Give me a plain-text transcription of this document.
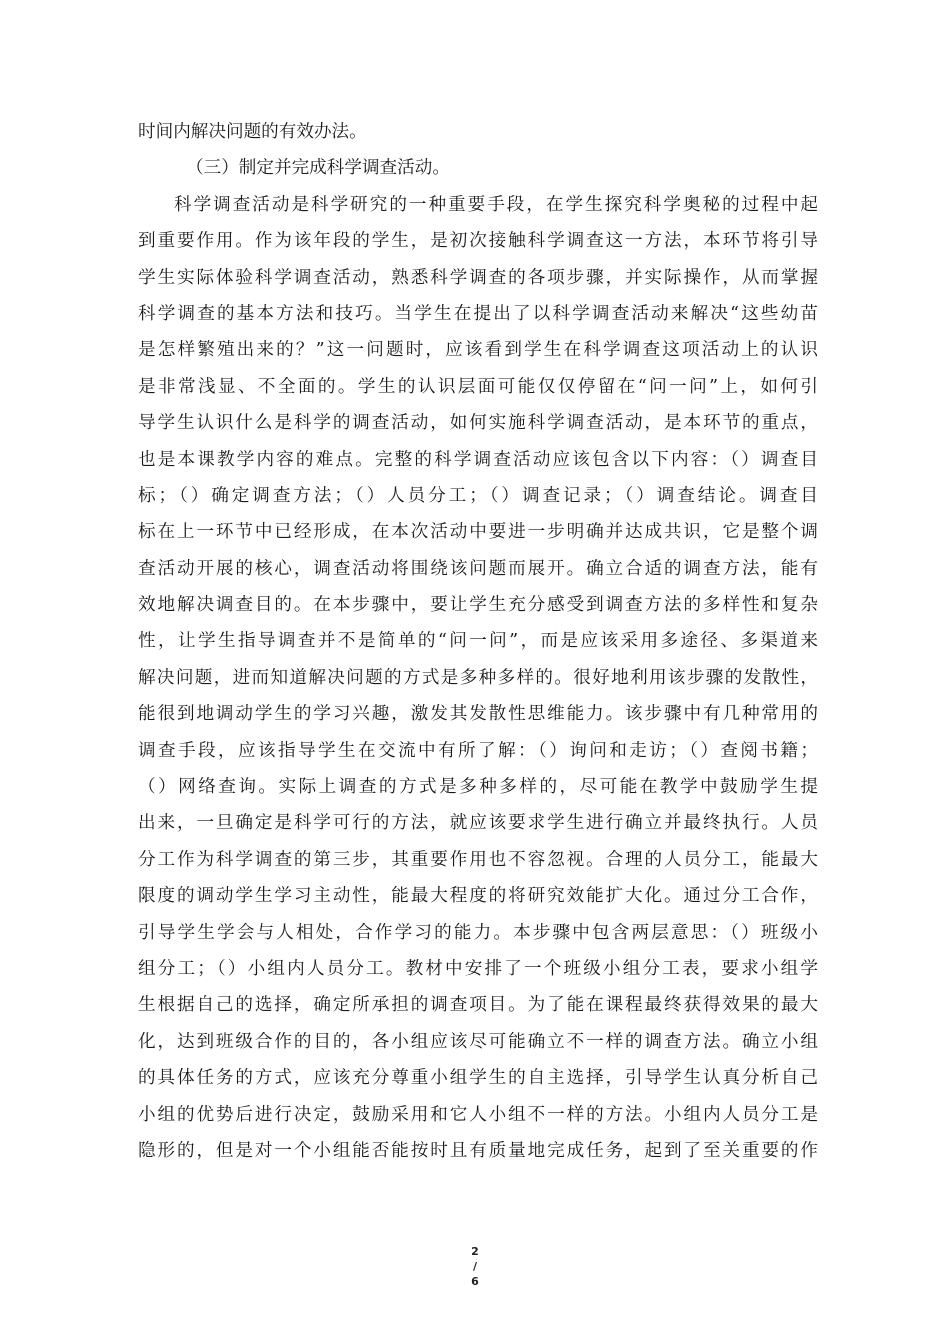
时间内解决问题的有效办法。
（三）制定并完成科学调查活动。
科学调查活动是科学研究的一种重要手段，在学生探究科学奥秘的过程中起
到重要作用。作为该年段的学生，是初次接触科学调查这一方法，本环节将引导
学生实际体验科学调查活动，熟悉科学调查的各项步骤，并实际操作，从而掌握
科学调查的基本方法和技巧。当学生在提出了以科学调查活动来解决“这些幼苗
是怎样繁殖出来的？”这一问题时，应该看到学生在科学调查这项活动上的认识
是非常浅显、不全面的。学生的认识层面可能仅仅停留在“问一问”上，如何引
导学生认识什么是科学的调查活动，如何实施科学调查活动，是本环节的重点，
也是本课教学内容的难点。完整的科学调查活动应该包含以下内容：（）调查目
标；（）确定调查方法；（）人员分工；（）调查记录；（）调查结论。调查目
标在上一环节中已经形成，在本次活动中要进一步明确并达成共识，它是整个调
查活动开展的核心，调查活动将围绕该问题而展开。确立合适的调查方法，能有
效地解决调查目的。在本步骤中，要让学生充分感受到调查方法的多样性和复杂
性，让学生指导调查并不是简单的“问一问”，而是应该采用多途径、多渠道来
解决问题，进而知道解决问题的方式是多种多样的。很好地利用该步骤的发散性，
能很到地调动学生的学习兴趣，激发其发散性思维能力。该步骤中有几种常用的
调查手段，应该指导学生在交流中有所了解：（）询问和走访；（）查阅书籍；
（）网络查询。实际上调查的方式是多种多样的，尽可能在教学中鼓励学生提
出来，一旦确定是科学可行的方法，就应该要求学生进行确立并最终执行。人员
分工作为科学调查的第三步，其重要作用也不容忽视。合理的人员分工，能最大
限度的调动学生学习主动性，能最大程度的将研究效能扩大化。通过分工合作，
引导学生学会与人相处，合作学习的能力。本步骤中包含两层意思：（）班级小
组分工；（）小组内人员分工。教材中安排了一个班级小组分工表，要求小组学
生根据自己的选择，确定所承担的调查项目。为了能在课程最终获得效果的最大
化，达到班级合作的目的，各小组应该尽可能确立不一样的调查方法。确立小组
的具体任务的方式，应该充分尊重小组学生的自主选择，引导学生认真分析自己
小组的优势后进行决定，鼓励采用和它人小组不一样的方法。小组内人员分工是
隐形的，但是对一个小组能否能按时且有质量地完成任务，起到了至关重要的作
2
/
6
